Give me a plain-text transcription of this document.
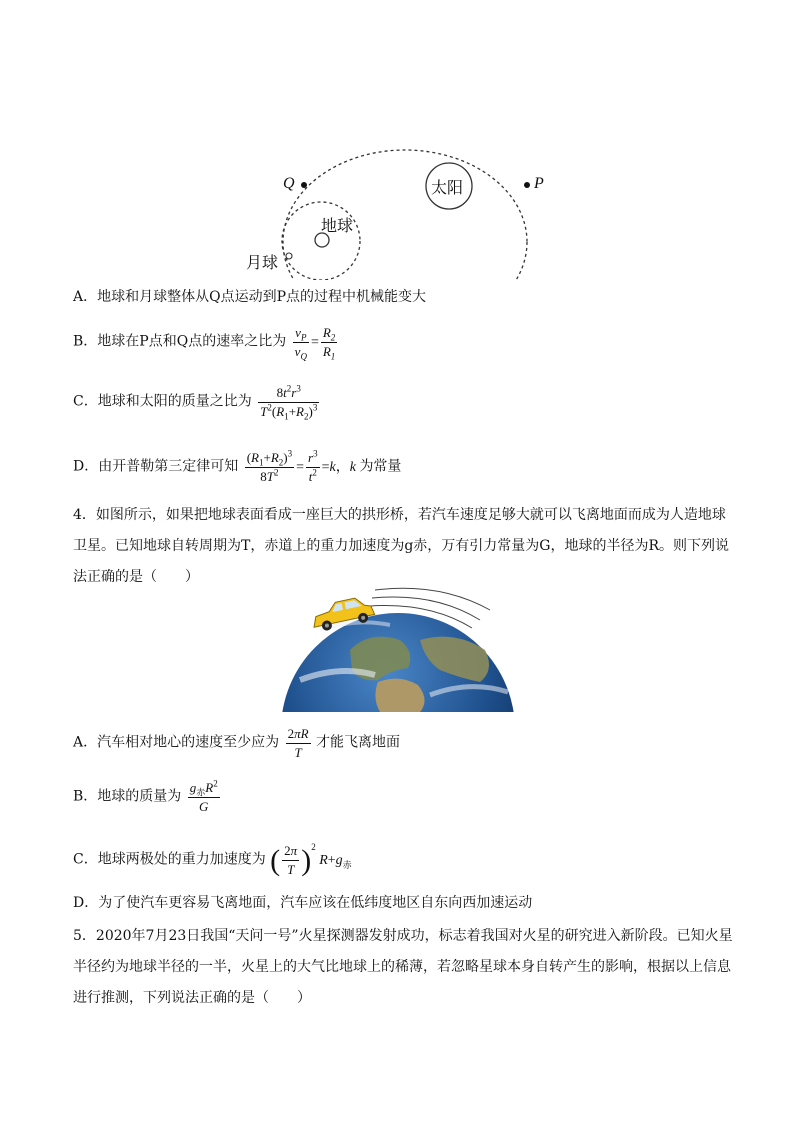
太阳
地球
月球
Q	P
A．地球和月球整体从Q点运动到P点的过程中机械能变大
B．地球在P点和Q点的速率之比为 $\frac{v_P}{v_Q} = \frac{R_2}{R_1}$
C．地球和太阳的质量之比为 $\frac{8t^2r^3}{T^2(R_1+R_2)^3}$
D．由开普勒第三定律可知 $\frac{(R_1+R_2)^3}{8T^2} = \frac{r^3}{t^2} =k$，k 为常量
4．如图所示，如果把地球表面看成一座巨大的拱形桥，若汽车速度足够大就可以飞离地面而成为人造地球卫星。已知地球自转周期为T，赤道上的重力加速度为g赤，万有引力常量为G，地球的半径为R。则下列说法正确的是（　　）
A．汽车相对地心的速度至少应为 $\frac{2\pi R}{T}$ 才能飞离地面
B．地球的质量为 $\frac{g_赤R^2}{G}$
C．地球两极处的重力加速度为 ( $\frac{2\pi}{T} )^2$ $R+g_赤$
D．为了使汽车更容易飞离地面，汽车应该在低纬度地区自东向西加速运动
5．2020年7月23日我国“天问一号”火星探测器发射成功，标志着我国对火星的研究进入新阶段。已知火星半径约为地球半径的一半，火星上的大气比地球上的稀薄，若忽略星球本身自转产生的影响，根据以上信息进行推测，下列说法正确的是（　　）
